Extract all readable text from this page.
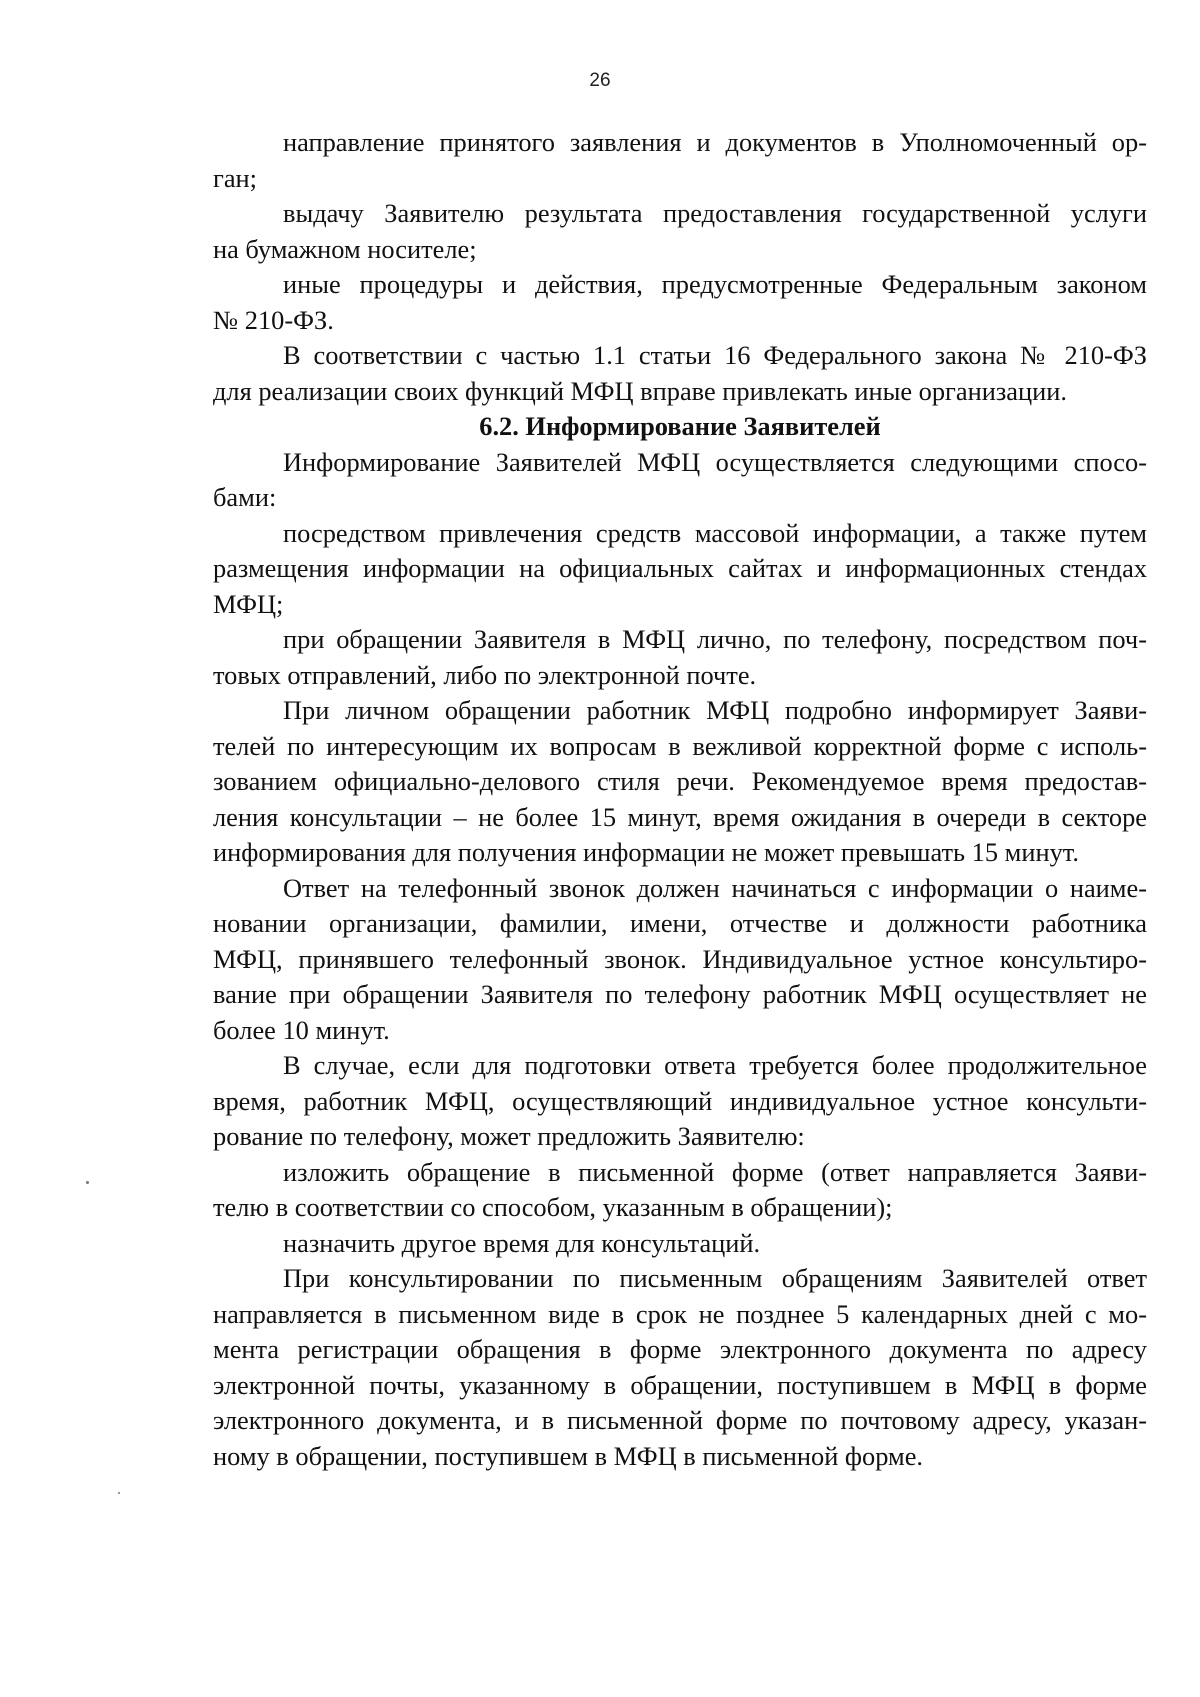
26
направление принятого заявления и документов в Уполномоченный ор-
ган;
выдачу Заявителю результата предоставления государственной услуги
на бумажном носителе;
иные процедуры и действия, предусмотренные Федеральным законом
№ 210-ФЗ.
В соответствии с частью 1.1 статьи 16 Федерального закона № 210-ФЗ
для реализации своих функций МФЦ вправе привлекать иные организации.
6.2. Информирование Заявителей
Информирование Заявителей МФЦ осуществляется следующими спосо-
бами:
посредством привлечения средств массовой информации, а также путем
размещения информации на официальных сайтах и информационных стендах
МФЦ;
при обращении Заявителя в МФЦ лично, по телефону, посредством поч-
товых отправлений, либо по электронной почте.
При личном обращении работник МФЦ подробно информирует Заяви-
телей по интересующим их вопросам в вежливой корректной форме с исполь-
зованием официально-делового стиля речи. Рекомендуемое время предостав-
ления консультации – не более 15 минут, время ожидания в очереди в секторе
информирования для получения информации не может превышать 15 минут.
Ответ на телефонный звонок должен начинаться с информации о наиме-
новании организации, фамилии, имени, отчестве и должности работника
МФЦ, принявшего телефонный звонок. Индивидуальное устное консультиро-
вание при обращении Заявителя по телефону работник МФЦ осуществляет не
более 10 минут.
В случае, если для подготовки ответа требуется более продолжительное
время, работник МФЦ, осуществляющий индивидуальное устное консульти-
рование по телефону, может предложить Заявителю:
изложить обращение в письменной форме (ответ направляется Заяви-
телю в соответствии со способом, указанным в обращении);
назначить другое время для консультаций.
При консультировании по письменным обращениям Заявителей ответ
направляется в письменном виде в срок не позднее 5 календарных дней с мо-
мента регистрации обращения в форме электронного документа по адресу
электронной почты, указанному в обращении, поступившем в МФЦ в форме
электронного документа, и в письменной форме по почтовому адресу, указан-
ному в обращении, поступившем в МФЦ в письменной форме.
